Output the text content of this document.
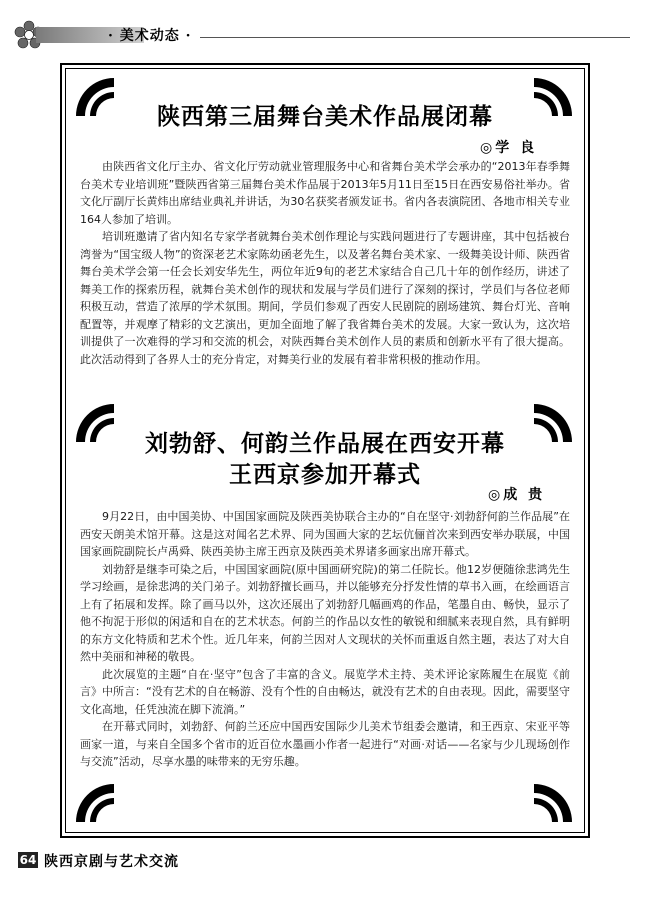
· 美术动态 ·
陕西第三届舞台美术作品展闭幕
◎学 良

由陕西省文化厅主办、省文化厅劳动就业管理服务中心和省舞台美术学会承办的“2013年春季舞台美术专业培训班”暨陕西省第三届舞台美术作品展于2013年5月11日至15日在西安易俗社举办。省文化厅副厅长黄炜出席结业典礼并讲话，为30名获奖者颁发证书。省内各表演院团、各地市相关专业164人参加了培训。

培训班邀请了省内知名专家学者就舞台美术创作理论与实践问题进行了专题讲座，其中包括被台湾誉为“国宝级人物”的资深老艺术家陈幼函老先生，以及著名舞台美术家、一级舞美设计师、陕西省舞台美术学会第一任会长刘安华先生，两位年近9旬的老艺术家结合自己几十年的创作经历，讲述了舞美工作的探索历程，就舞台美术创作的现状和发展与学员们进行了深刻的探讨，学员们与各位老师积极互动，营造了浓厚的学术氛围。期间，学员们参观了西安人民剧院的剧场建筑、舞台灯光、音响配置等，并观摩了精彩的文艺演出，更加全面地了解了我省舞台美术的发展。大家一致认为，这次培训提供了一次难得的学习和交流的机会，对陕西舞台美术创作人员的素质和创新水平有了很大提高。此次活动得到了各界人士的充分肯定，对舞美行业的发展有着非常积极的推动作用。

刘勃舒、何韵兰作品展在西安开幕
王西京参加开幕式
◎成 贵

9月22日，由中国美协、中国国家画院及陕西美协联合主办的“自在坚守·刘勃舒何韵兰作品展”在西安天朗美术馆开幕。这是这对闻名艺术界、同为国画大家的艺坛伉俪首次来到西安举办联展，中国国家画院副院长卢禹舜、陕西美协主席王西京及陕西美术界诸多画家出席开幕式。

刘勃舒是继李可染之后，中国国家画院(原中国画研究院)的第二任院长。他12岁便随徐悲鸿先生学习绘画，是徐悲鸿的关门弟子。刘勃舒擅长画马，并以能够充分抒发性情的草书入画，在绘画语言上有了拓展和发挥。除了画马以外，这次还展出了刘勃舒几幅画鸡的作品，笔墨自由、畅快，显示了他不拘泥于形似的闲适和自在的艺术状态。何韵兰的作品以女性的敏锐和细腻来表现自然，具有鲜明的东方文化特质和艺术个性。近几年来，何韵兰因对人文现状的关怀而重返自然主题，表达了对大自然中美丽和神秘的敬畏。

此次展览的主题“自在·坚守”包含了丰富的含义。展览学术主持、美术评论家陈履生在展览《前言》中所言：“没有艺术的自在畅游、没有个性的自由畅达，就没有艺术的自由表现。因此，需要坚守文化高地，任凭浊流在脚下流淌。”

在开幕式同时，刘勃舒、何韵兰还应中国西安国际少儿美术节组委会邀请，和王西京、宋亚平等画家一道，与来自全国多个省市的近百位水墨画小作者一起进行“对画·对话——名家与少儿现场创作与交流”活动，尽享水墨的味带来的无穷乐趣。

64 陕西京剧与艺术交流
